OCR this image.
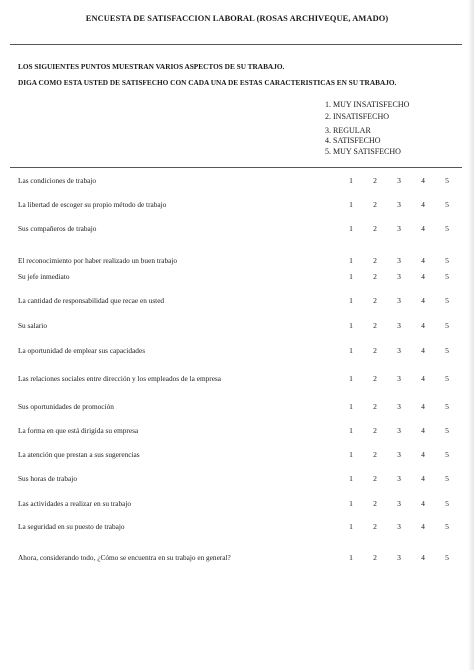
ENCUESTA DE SATISFACCION LABORAL (ROSAS ARCHIVEQUE, AMADO)
LOS SIGUIENTES PUNTOS MUESTRAN VARIOS ASPECTOS DE SU TRABAJO.
DIGA COMO ESTA USTED DE SATISFECHO CON CADA UNA DE ESTAS CARACTERISTICAS EN SU TRABAJO.
1. MUY INSATISFECHO
2. INSATISFECHO
3. REGULAR
4. SATISFECHO
5. MUY SATISFECHO
Las condiciones de trabajo	1	2	3	4	5
La libertad de escoger su propio método de trabajo	1	2	3	4	5
Sus compañeros de trabajo	1	2	3	4	5
El reconocimiento por haber realizado un buen trabajo	1	2	3	4	5
Su jefe inmediato	1	2	3	4	5
La cantidad de responsabilidad que recae en usted	1	2	3	4	5
Su salario	1	2	3	4	5
La oportunidad de emplear sus capacidades	1	2	3	4	5
Las relaciones sociales entre dirección y los empleados de la empresa	1	2	3	4	5
Sus oportunidades de promoción	1	2	3	4	5
La forma en que está dirigida su empresa	1	2	3	4	5
La atención que prestan a sus sugerencias	1	2	3	4	5
Sus horas de trabajo	1	2	3	4	5
Las actividades a realizar en su trabajo	1	2	3	4	5
La seguridad en su puesto de trabajo	1	2	3	4	5
Ahora, considerando todo, ¿Cómo se encuentra en su trabajo en general?	1	2	3	4	5
